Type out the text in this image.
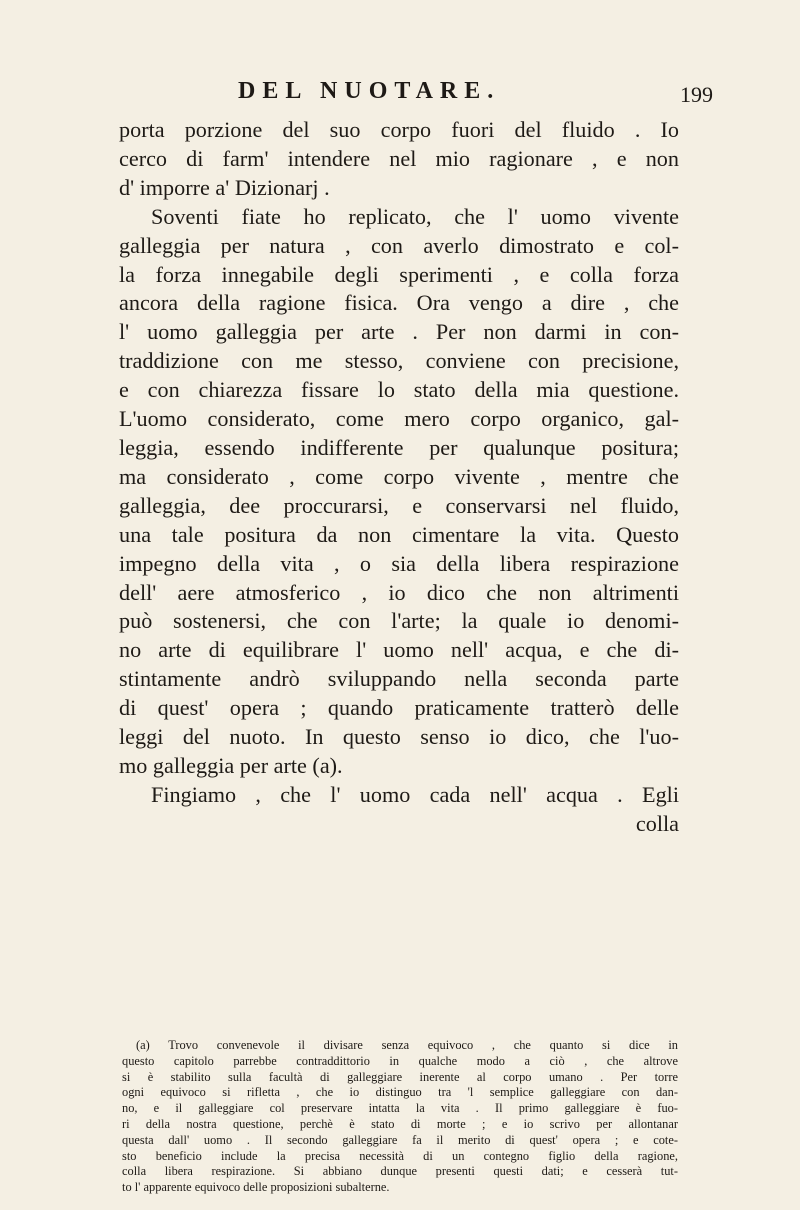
DEL NUOTARE.	199
porta porzione del suo corpo fuori del fluido . Io
cerco di farm' intendere nel mio ragionare , e non
d' imporre a' Dizionarj .
Soventi fiate ho replicato, che l' uomo vivente
galleggia per natura , con averlo dimostrato e col-
la forza innegabile degli sperimenti , e colla forza
ancora della ragione fisica. Ora vengo a dire , che
l' uomo galleggia per arte . Per non darmi in con-
traddizione con me stesso, conviene con precisione,
e con chiarezza fissare lo stato della mia questione.
L'uomo considerato, come mero corpo organico, gal-
leggia, essendo indifferente per qualunque positura;
ma considerato , come corpo vivente , mentre che
galleggia, dee proccurarsi, e conservarsi nel fluido,
una tale positura da non cimentare la vita. Questo
impegno della vita , o sia della libera respirazione
dell' aere atmosferico , io dico che non altrimenti
può sostenersi, che con l'arte; la quale io denomi-
no arte di equilibrare l' uomo nell' acqua, e che di-
stintamente andrò sviluppando nella seconda parte
di quest' opera ; quando praticamente tratterò delle
leggi del nuoto. In questo senso io dico, che l'uo-
mo galleggia per arte (a).
Fingiamo , che l' uomo cada nell' acqua . Egli
colla
(a) Trovo convenevole il divisare senza equivoco , che quanto si dice in
questo capitolo parrebbe contraddittorio in qualche modo a ciò , che altrove
si è stabilito sulla facultà di galleggiare inerente al corpo umano . Per torre
ogni equivoco si rifletta , che io distinguo tra 'l semplice galleggiare con dan-
no, e il galleggiare col preservare intatta la vita . Il primo galleggiare è fuo-
ri della nostra questione, perchè è stato di morte ; e io scrivo per allontanar
questa dall' uomo . Il secondo galleggiare fa il merito di quest' opera ; e cote-
sto beneficio include la precisa necessità di un contegno figlio della ragione,
colla libera respirazione. Si abbiano dunque presenti questi dati; e cesserà tut-
to l' apparente equivoco delle proposizioni subalterne.
